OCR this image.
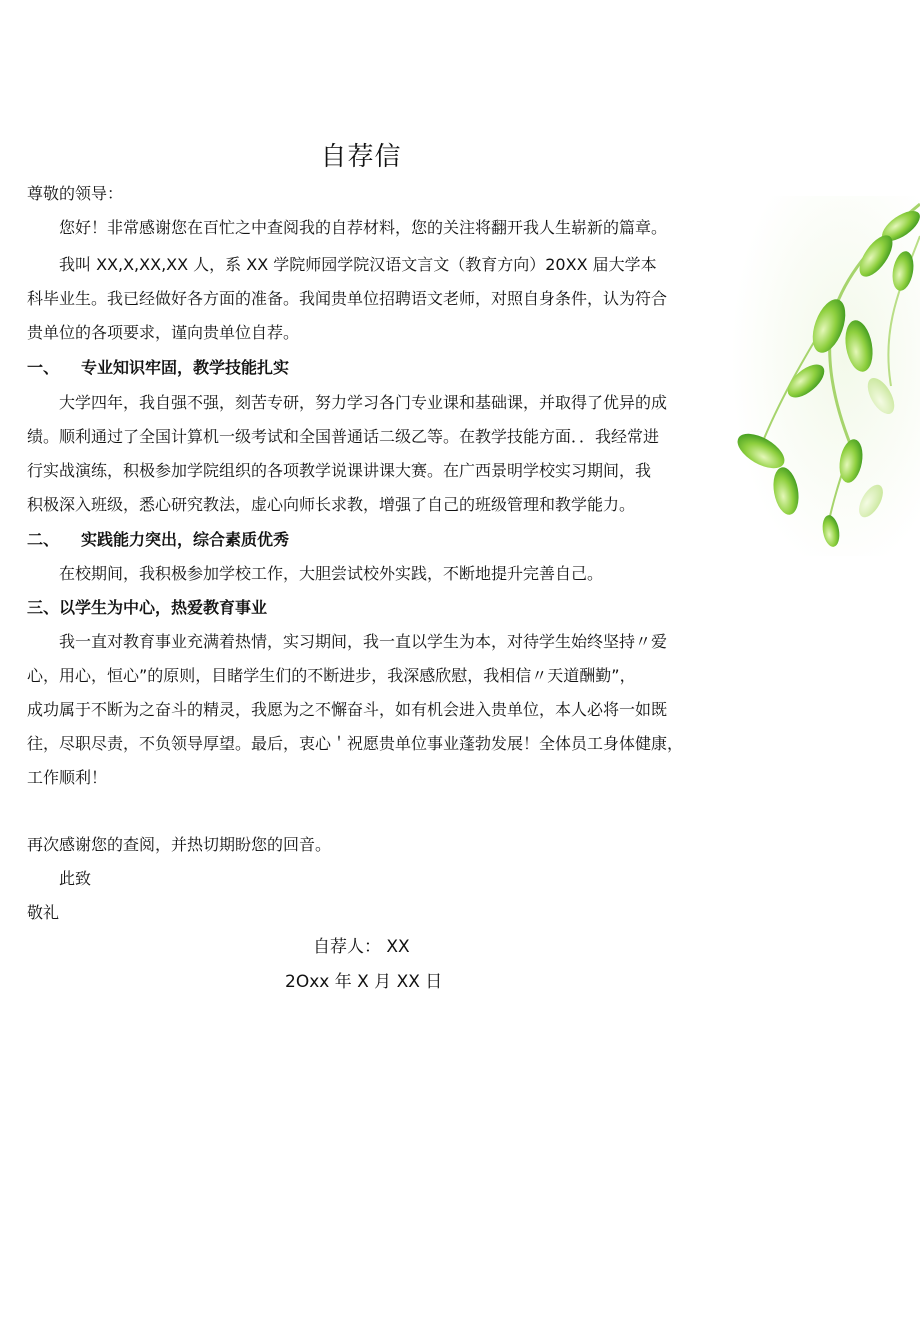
自荐信
尊敬的领导：
您好！非常感谢您在百忙之中查阅我的自荐材料，您的关注将翻开我人生崭新的篇章。
我叫 XX,X,XX,XX 人，系 XX 学院师园学院汉语文言文（教育方向）20XX 届大学本
科毕业生。我已经做好各方面的准备。我闻贵单位招聘语文老师，对照自身条件，认为符合
贵单位的各项要求，谨向贵单位自荐。
一、 专业知识牢固，教学技能扎实
大学四年，我自强不强，刻苦专研，努力学习各门专业课和基础课，并取得了优异的成
绩。顺利通过了全国计算机一级考试和全国普通话二级乙等。在教学技能方面．．我经常进
行实战演练，积极参加学院组织的各项教学说课讲课大赛。在广西景明学校实习期间，我
积极深入班级，悉心研究教法，虚心向师长求教，增强了自己的班级管理和教学能力。
二、 实践能力突出，综合素质优秀
在校期间，我积极参加学校工作，大胆尝试校外实践，不断地提升完善自己。
三、以学生为中心，热爱教育事业
我一直对教育事业充满着热情，实习期间，我一直以学生为本，对待学生始终坚持〃爱
心，用心，恒心”的原则，目睹学生们的不断进步，我深感欣慰，我相信〃天道酬勤”，
成功属于不断为之奋斗的精灵，我愿为之不懈奋斗，如有机会进入贵单位，本人必将一如既
往，尽职尽责，不负领导厚望。最后，衷心＇祝愿贵单位事业蓬勃发展！全体员工身体健康，
工作顺利！
再次感谢您的查阅，并热切期盼您的回音。
此致
敬礼
自荐人： XX
2Oxx 年 X 月 XX 日
